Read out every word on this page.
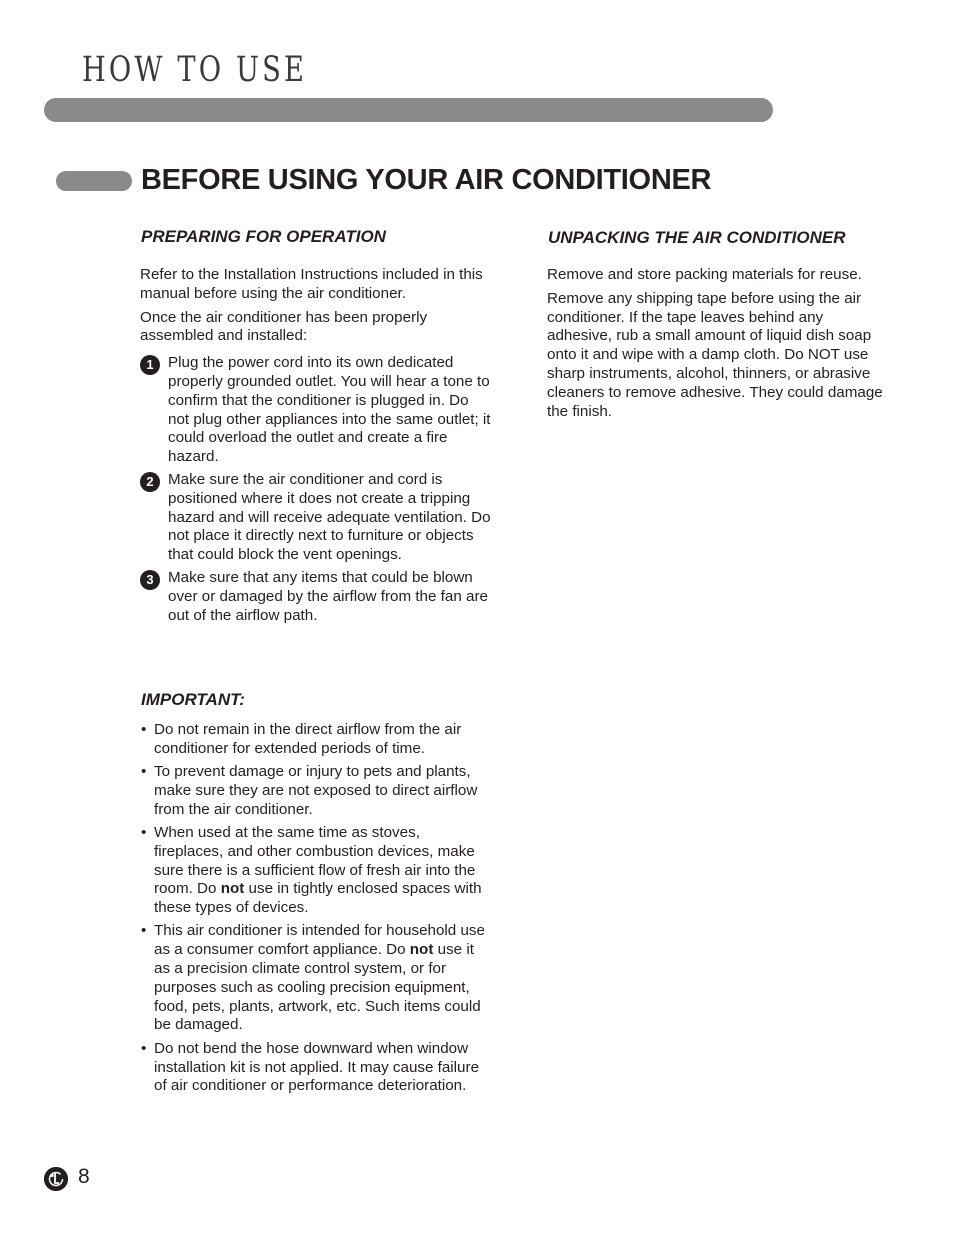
HOW TO USE
BEFORE USING YOUR AIR CONDITIONER
PREPARING FOR OPERATION

Refer to the Installation Instructions included in this manual before using the air conditioner.

Once the air conditioner has been properly assembled and installed:

1 Plug the power cord into its own dedicated properly grounded outlet. You will hear a tone to confirm that the conditioner is plugged in. Do not plug other appliances into the same outlet; it could overload the outlet and create a fire hazard.
2 Make sure the air conditioner and cord is positioned where it does not create a tripping hazard and will receive adequate ventilation. Do not place it directly next to furniture or objects that could block the vent openings.
3 Make sure that any items that could be blown over or damaged by the airflow from the fan are out of the airflow path.
IMPORTANT:
• Do not remain in the direct airflow from the air conditioner for extended periods of time.
• To prevent damage or injury to pets and plants, make sure they are not exposed to direct airflow from the air conditioner.
• When used at the same time as stoves, fireplaces, and other combustion devices, make sure there is a sufficient flow of fresh air into the room. Do not use in tightly enclosed spaces with these types of devices.
• This air conditioner is intended for household use as a consumer comfort appliance. Do not use it as a precision climate control system, or for purposes such as cooling precision equipment, food, pets, plants, artwork, etc. Such items could be damaged.
• Do not bend the hose downward when window installation kit is not applied. It may cause failure of air conditioner or performance deterioration.
UNPACKING THE AIR CONDITIONER

Remove and store packing materials for reuse.

Remove any shipping tape before using the air conditioner. If the tape leaves behind any adhesive, rub a small amount of liquid dish soap onto it and wipe with a damp cloth. Do NOT use sharp instruments, alcohol, thinners, or abrasive cleaners to remove adhesive. They could damage the finish.

8
